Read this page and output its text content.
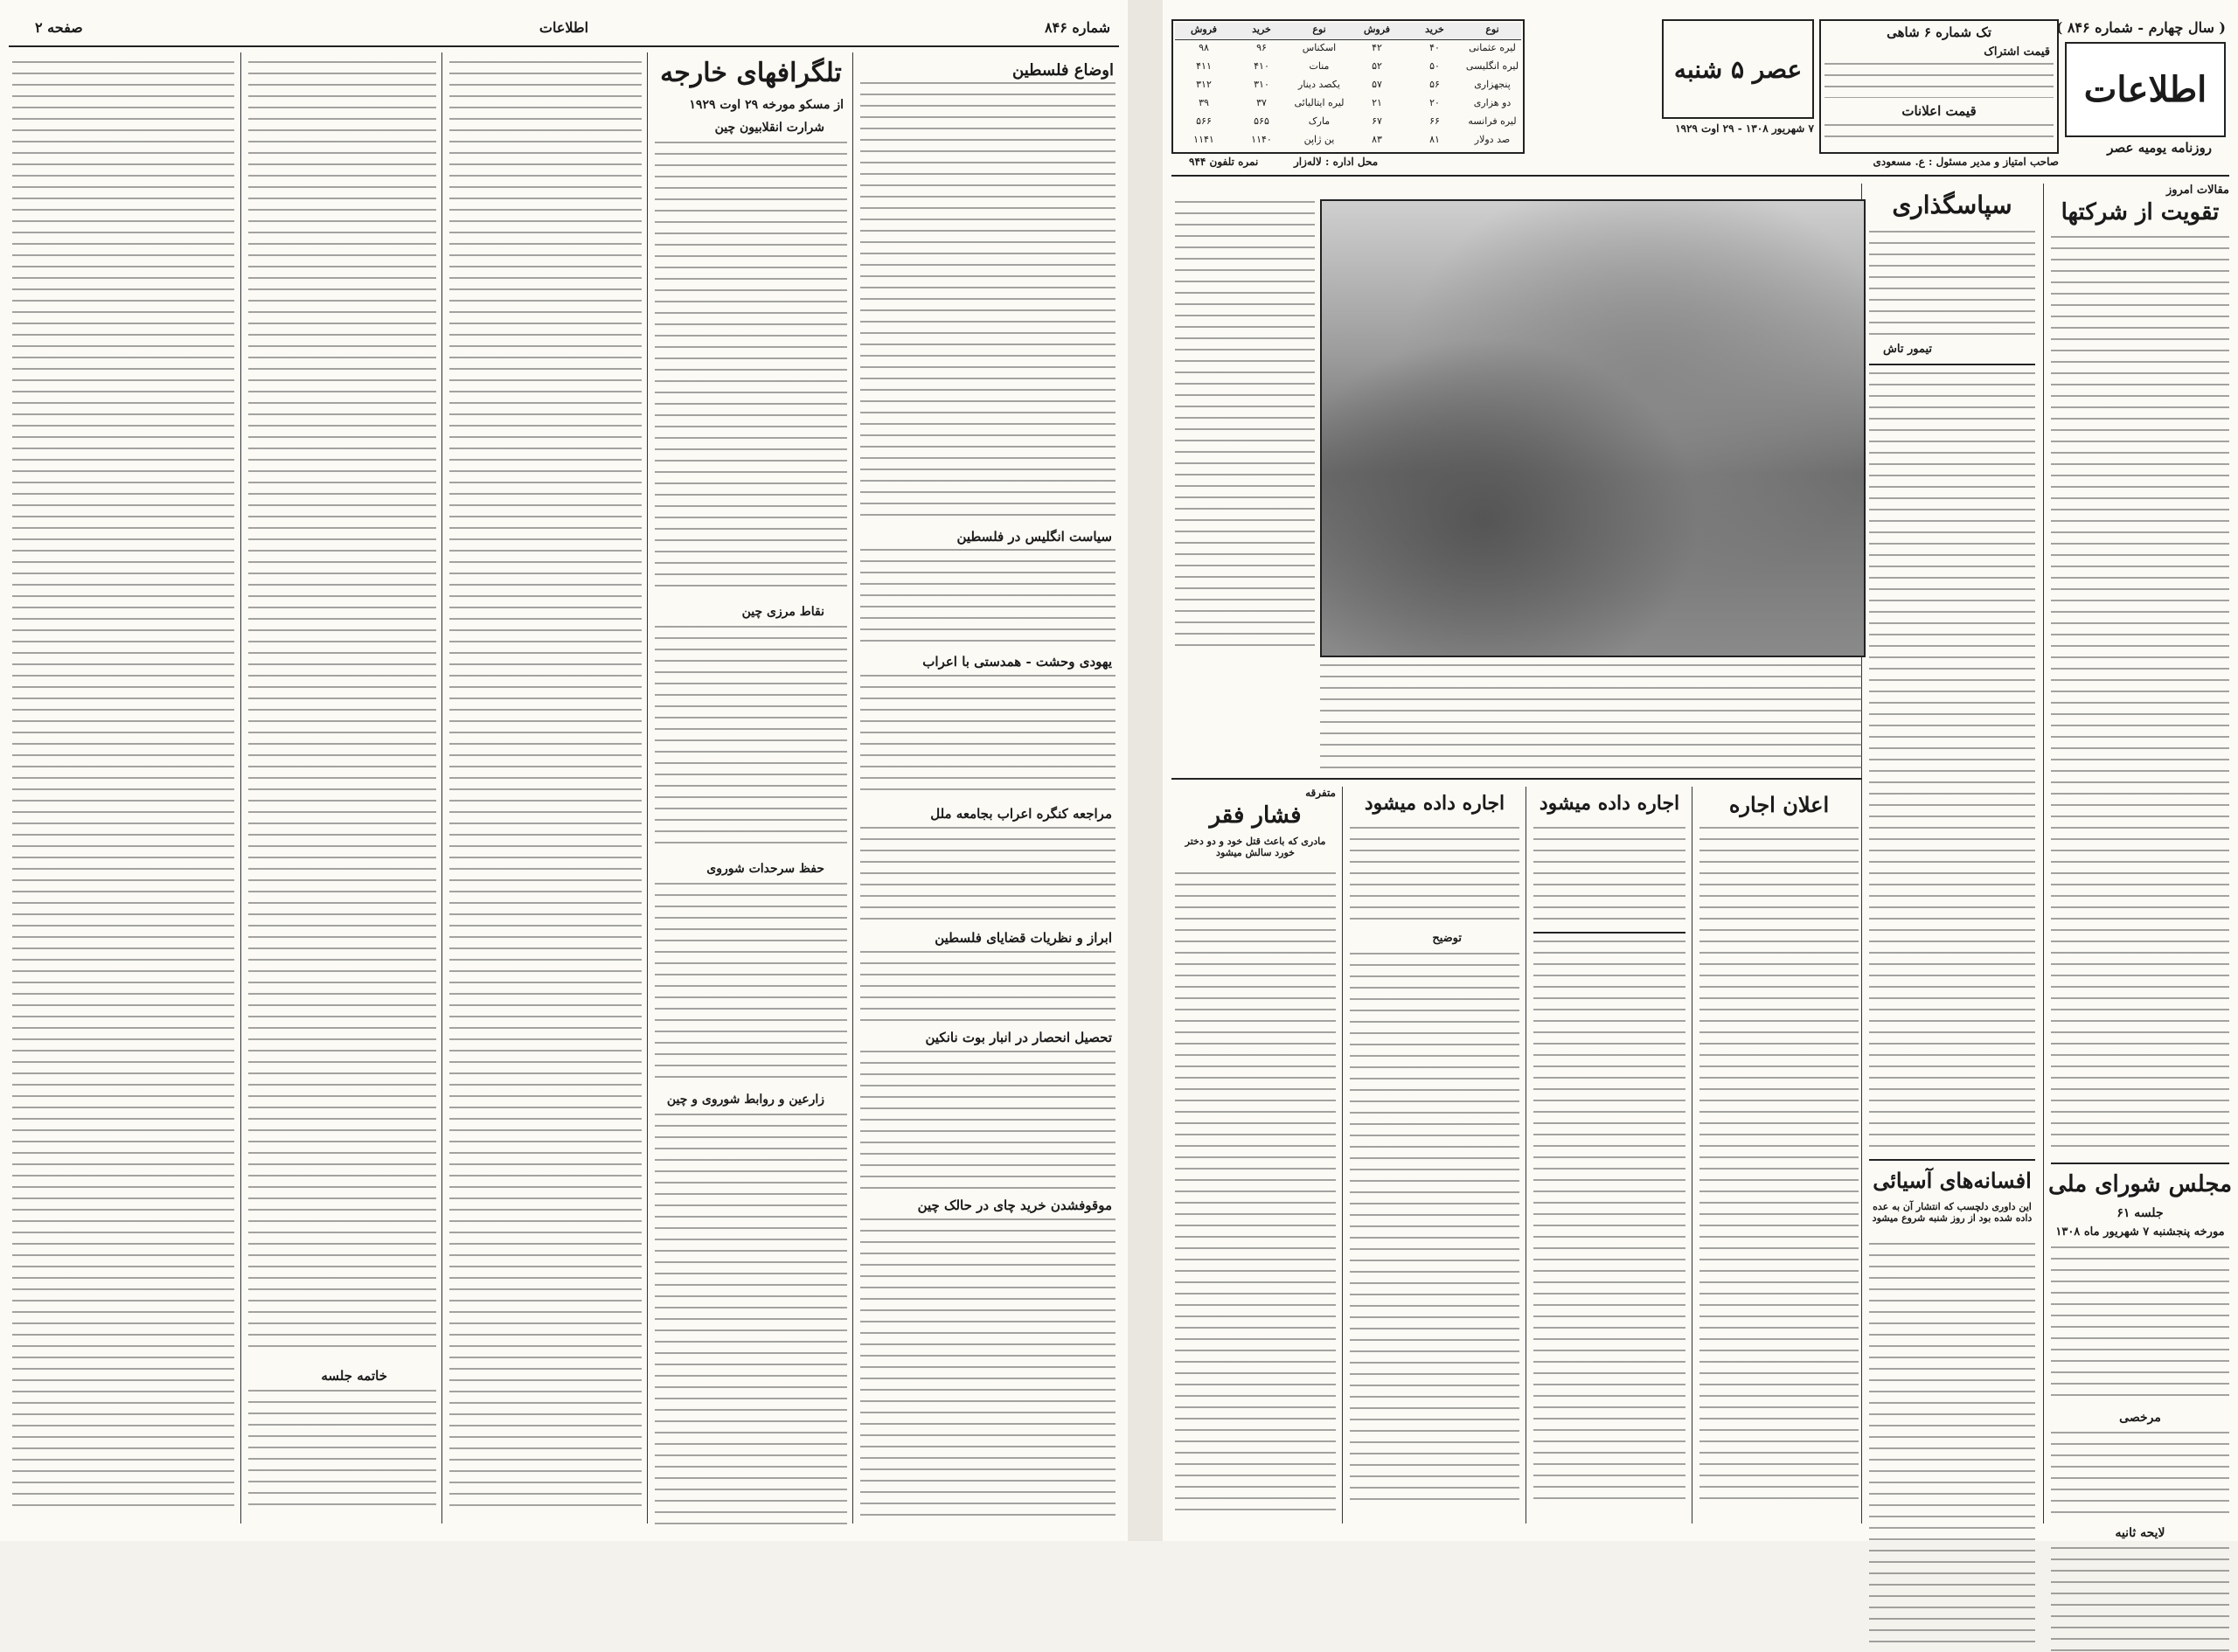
شماره ۸۴۶
اطلاعات
صفحه ۲
اوضاع فلسطین
سیاست انگلیس در فلسطین
یهودی وحشت - همدستی با اعراب
مراجعه کنگره اعراب بجامعه ملل
ابراز و نظریات قضایای فلسطین
تحصیل انحصار در انبار بوت نانکین
موقوفشدن خرید چای در حالک چین
تلگرافهای خارجه
از مسکو مورخه ۲۹ اوت ۱۹۲۹
شرارت انقلابیون چین
نقاط مرزی چین
حفظ سرحدات شوروی
زارعین و روابط شوروی و چین
خاتمه جلسه
( سال چهارم - شماره ۸۴۶ )
اطلاعات
روزنامه یومیه عصر
تک شماره ۶ شاهی
قیمت اشتراک
قیمت اعلانات
عصر ۵ شنبه
نوع
خرید
فروش
نوع
خرید
فروش
لیره عثمانی
۴۰
۴۲
اسکناس
۹۶
۹۸
لیره انگلیسی
۵۰
۵۲
منات
۴۱۰
۴۱۱
پنجهزاری
۵۶
۵۷
یکصد دینار
۳۱۰
۳۱۲
دو هزاری
۲۰
۲۱
لیره ایتالیائی
۳۷
۳۹
لیره فرانسه
۶۶
۶۷
مارک
۵۶۵
۵۶۶
صد دولار
۸۱
۸۳
ین ژاپن
۱۱۴۰
۱۱۴۱
۷ شهریور ۱۳۰۸ - ۲۹ اوت ۱۹۲۹
صاحب امتیاز و مدیر مسئول : ع. مسعودی
محل اداره : لاله‌زار
نمره تلفون ۹۴۴
مقالات امروز
تقویت از شرکتها
مجلس شورای ملی
جلسه ۶۱
مورخه پنجشنبه ۷ شهریور ماه ۱۳۰۸
مرخصی
لایحه ثانیه
سپاسگذاری
تیمور تاش
افسانه‌های آسیائی
این داوری دلچسب که انتشار آن به عده داده شده بود از روز شنبه شروع میشود
اعلان اجاره
اجاره داده میشود
اجاره داده میشود
توضیح
متفرقه
فشار فقر
مادری که باعث قتل خود و دو دختر خورد سالش میشود
